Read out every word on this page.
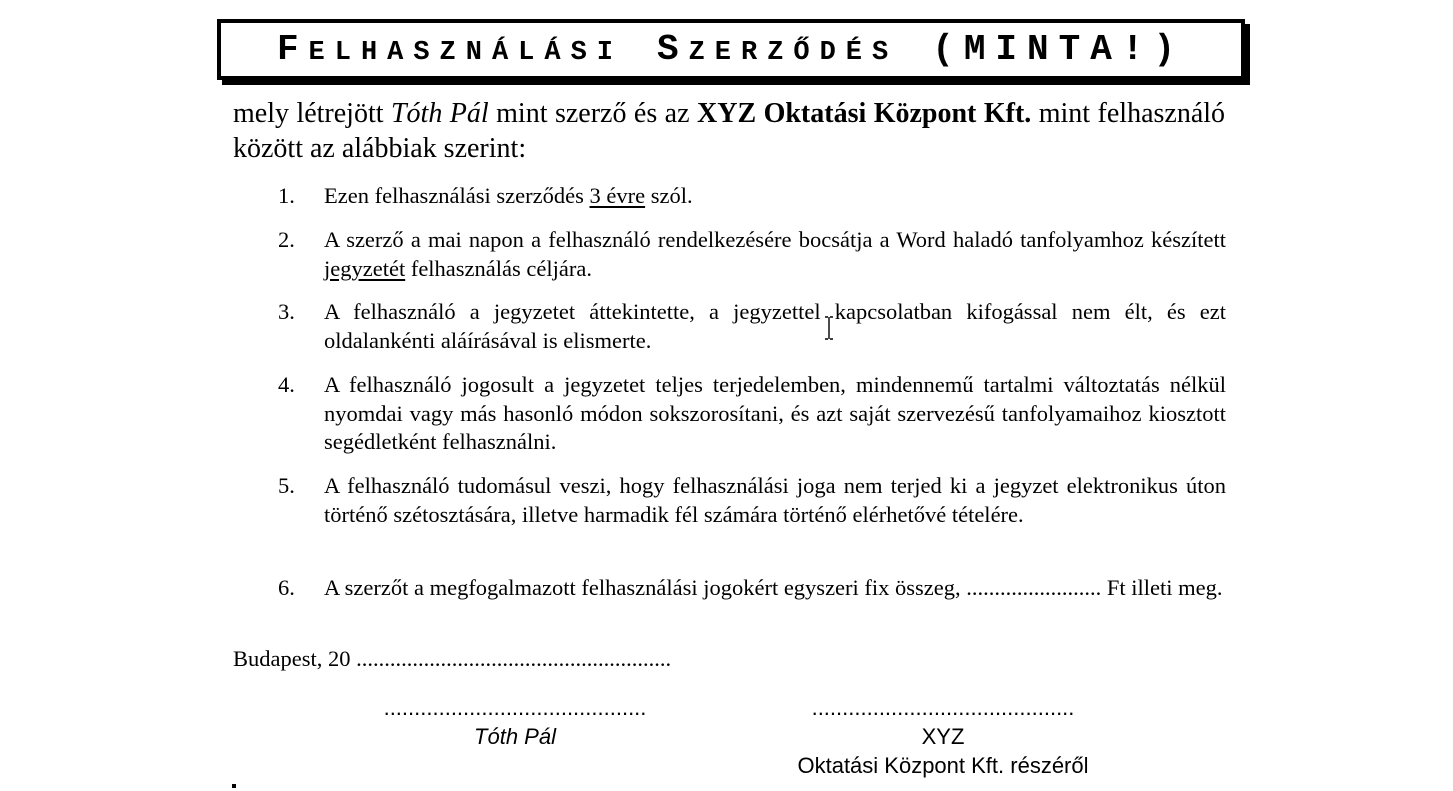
FELHASZNÁLÁSI SZERZŐDÉS (MINTA!)
mely létrejött Tóth Pál mint szerző és az XYZ Oktatási Központ Kft. mint felhasználó között az alábbiak szerint:
1.	Ezen felhasználási szerződés 3 évre szól.
2.	A szerző a mai napon a felhasználó rendelkezésére bocsátja a Word haladó tanfolyamhoz készített jegyzetét felhasználás céljára.
3.	A felhasználó a jegyzetet áttekintette, a jegyzettel kapcsolatban kifogással nem élt, és ezt oldalankénti aláírásával is elismerte.
4.	A felhasználó jogosult a jegyzetet teljes terjedelemben, mindennemű tartalmi változtatás nélkül nyomdai vagy más hasonló módon sokszorosítani, és azt saját szervezésű tanfolyamaihoz kiosztott segédletként felhasználni.
5.	A felhasználó tudomásul veszi, hogy felhasználási joga nem terjed ki a jegyzet elektronikus úton történő szétosztására, illetve harmadik fél számára történő elérhetővé tételére.
6.	A szerzőt a megfogalmazott felhasználási jogokért egyszeri fix összeg, ........................ Ft illeti meg.
Budapest, 20 ........................................................
...........................................
Tóth Pál
...........................................
XYZ
Oktatási Központ Kft. részéről
